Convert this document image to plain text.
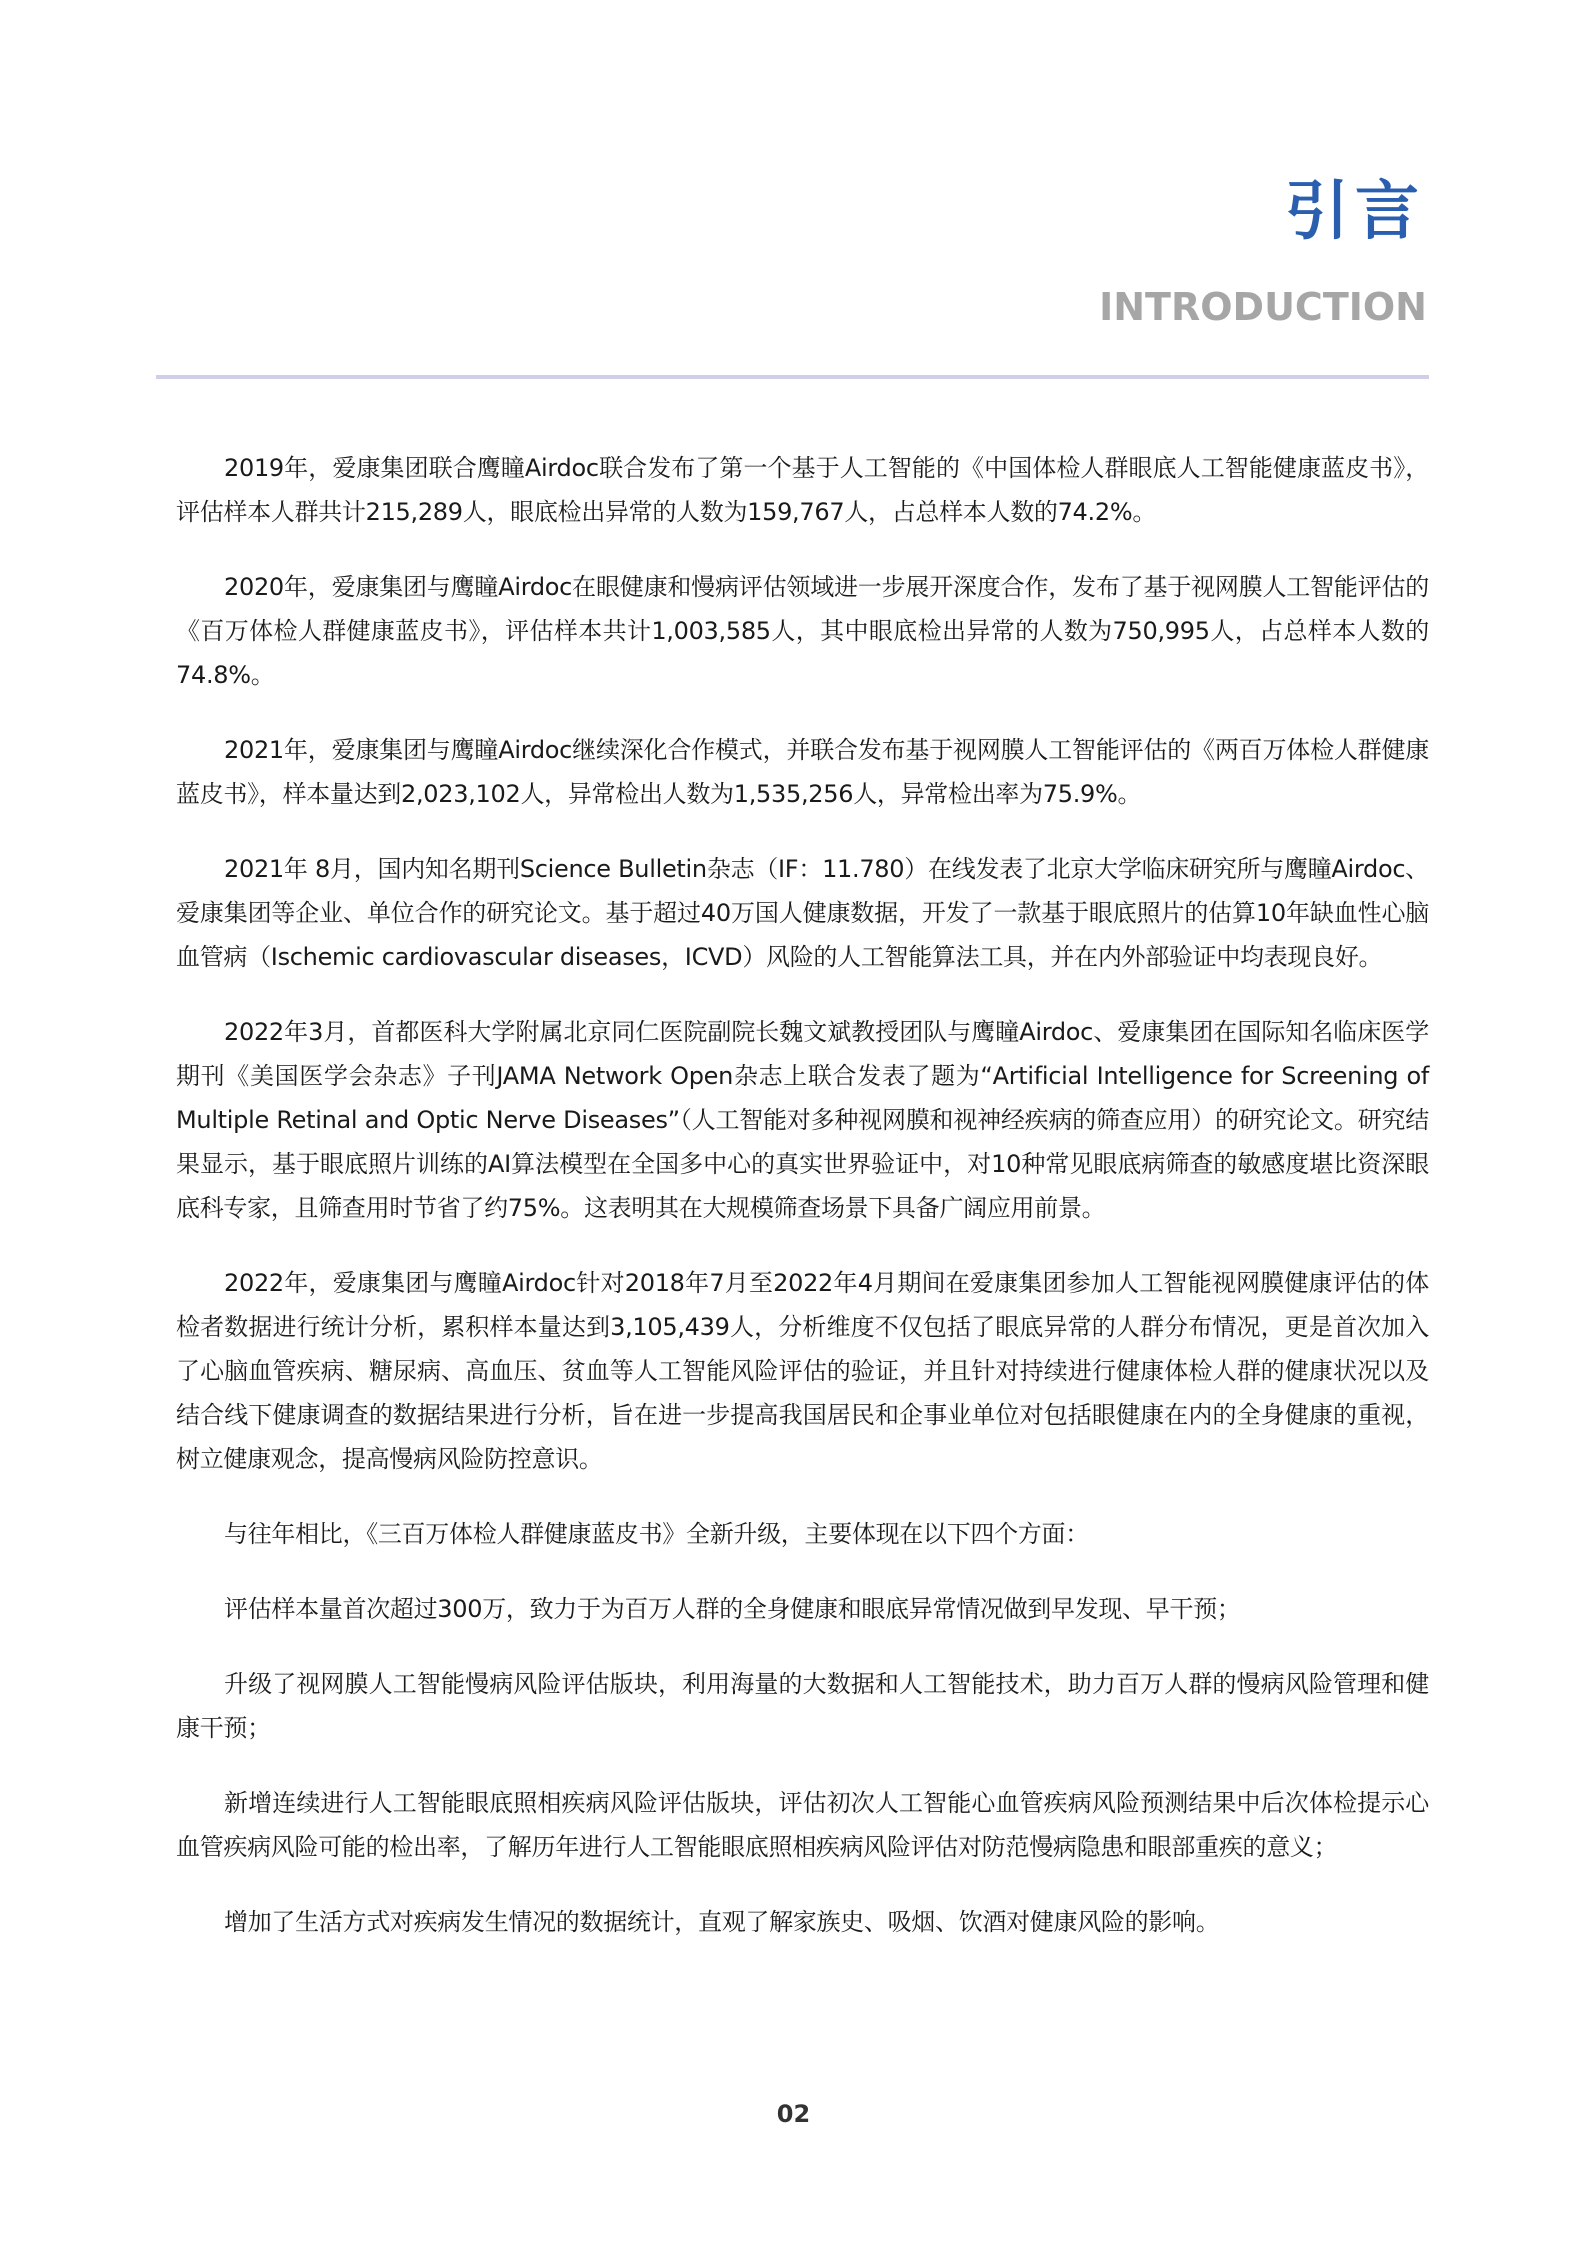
引言
INTRODUCTION

2019年，爱康集团联合鹰瞳Airdoc联合发布了第一个基于人工智能的《中国体检人群眼底人工智能健康蓝皮书》，评估样本人群共计215,289人，眼底检出异常的人数为159,767人，占总样本人数的74.2%。

2020年，爱康集团与鹰瞳Airdoc在眼健康和慢病评估领域进一步展开深度合作，发布了基于视网膜人工智能评估的《百万体检人群健康蓝皮书》，评估样本共计1,003,585人，其中眼底检出异常的人数为750,995人，占总样本人数的74.8%。

2021年，爱康集团与鹰瞳Airdoc继续深化合作模式，并联合发布基于视网膜人工智能评估的《两百万体检人群健康蓝皮书》，样本量达到2,023,102人，异常检出人数为1,535,256人，异常检出率为75.9%。

2021年 8月，国内知名期刊Science Bulletin杂志（IF：11.780）在线发表了北京大学临床研究所与鹰瞳Airdoc、爱康集团等企业、单位合作的研究论文。基于超过40万国人健康数据，开发了一款基于眼底照片的估算10年缺血性心脑血管病（Ischemic cardiovascular diseases，ICVD）风险的人工智能算法工具，并在内外部验证中均表现良好。

2022年3月，首都医科大学附属北京同仁医院副院长魏文斌教授团队与鹰瞳Airdoc、爱康集团在国际知名临床医学期刊《美国医学会杂志》子刊JAMA Network Open杂志上联合发表了题为“Artificial Intelligence for Screening of Multiple Retinal and Optic Nerve Diseases”（人工智能对多种视网膜和视神经疾病的筛查应用）的研究论文。研究结果显示，基于眼底照片训练的AI算法模型在全国多中心的真实世界验证中，对10种常见眼底病筛查的敏感度堪比资深眼底科专家，且筛查用时节省了约75%。这表明其在大规模筛查场景下具备广阔应用前景。

2022年，爱康集团与鹰瞳Airdoc针对2018年7月至2022年4月期间在爱康集团参加人工智能视网膜健康评估的体检者数据进行统计分析，累积样本量达到3,105,439人，分析维度不仅包括了眼底异常的人群分布情况，更是首次加入了心脑血管疾病、糖尿病、高血压、贫血等人工智能风险评估的验证，并且针对持续进行健康体检人群的健康状况以及结合线下健康调查的数据结果进行分析，旨在进一步提高我国居民和企事业单位对包括眼健康在内的全身健康的重视，树立健康观念，提高慢病风险防控意识。

与往年相比，《三百万体检人群健康蓝皮书》全新升级，主要体现在以下四个方面：

评估样本量首次超过300万，致力于为百万人群的全身健康和眼底异常情况做到早发现、早干预；

升级了视网膜人工智能慢病风险评估版块，利用海量的大数据和人工智能技术，助力百万人群的慢病风险管理和健康干预；

新增连续进行人工智能眼底照相疾病风险评估版块，评估初次人工智能心血管疾病风险预测结果中后次体检提示心血管疾病风险可能的检出率，了解历年进行人工智能眼底照相疾病风险评估对防范慢病隐患和眼部重疾的意义；

增加了生活方式对疾病发生情况的数据统计，直观了解家族史、吸烟、饮酒对健康风险的影响。

02
